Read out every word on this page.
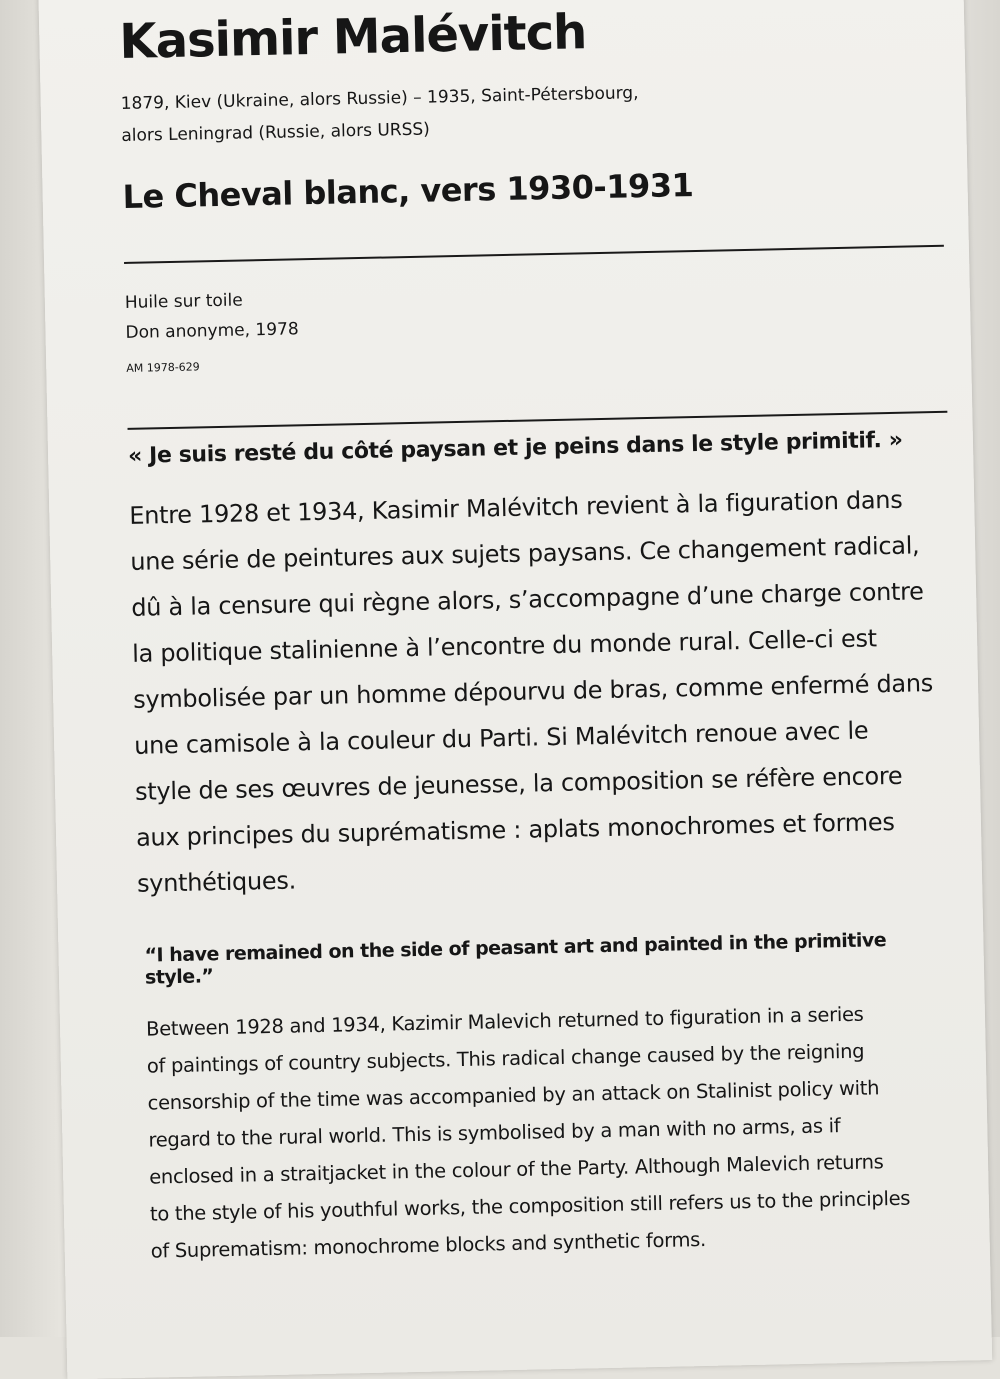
Kasimir Malévitch
1879, Kiev (Ukraine, alors Russie) – 1935, Saint-Pétersbourg,
alors Leningrad (Russie, alors URSS)
Le Cheval blanc, vers 1930-1931
Huile sur toile
Don anonyme, 1978
AM 1978-629
« Je suis resté du côté paysan et je peins dans le style primitif. »
Entre 1928 et 1934, Kasimir Malévitch revient à la figuration dans
une série de peintures aux sujets paysans. Ce changement radical,
dû à la censure qui règne alors, s’accompagne d’une charge contre
la politique stalinienne à l’encontre du monde rural. Celle-ci est
symbolisée par un homme dépourvu de bras, comme enfermé dans
une camisole à la couleur du Parti. Si Malévitch renoue avec le
style de ses œuvres de jeunesse, la composition se réfère encore
aux principes du suprématisme : aplats monochromes et formes
synthétiques.
“I have remained on the side of peasant art and painted in the primitive style.”
Between 1928 and 1934, Kazimir Malevich returned to figuration in a series
of paintings of country subjects. This radical change caused by the reigning
censorship of the time was accompanied by an attack on Stalinist policy with
regard to the rural world. This is symbolised by a man with no arms, as if
enclosed in a straitjacket in the colour of the Party. Although Malevich returns
to the style of his youthful works, the composition still refers us to the principles
of Suprematism: monochrome blocks and synthetic forms.
